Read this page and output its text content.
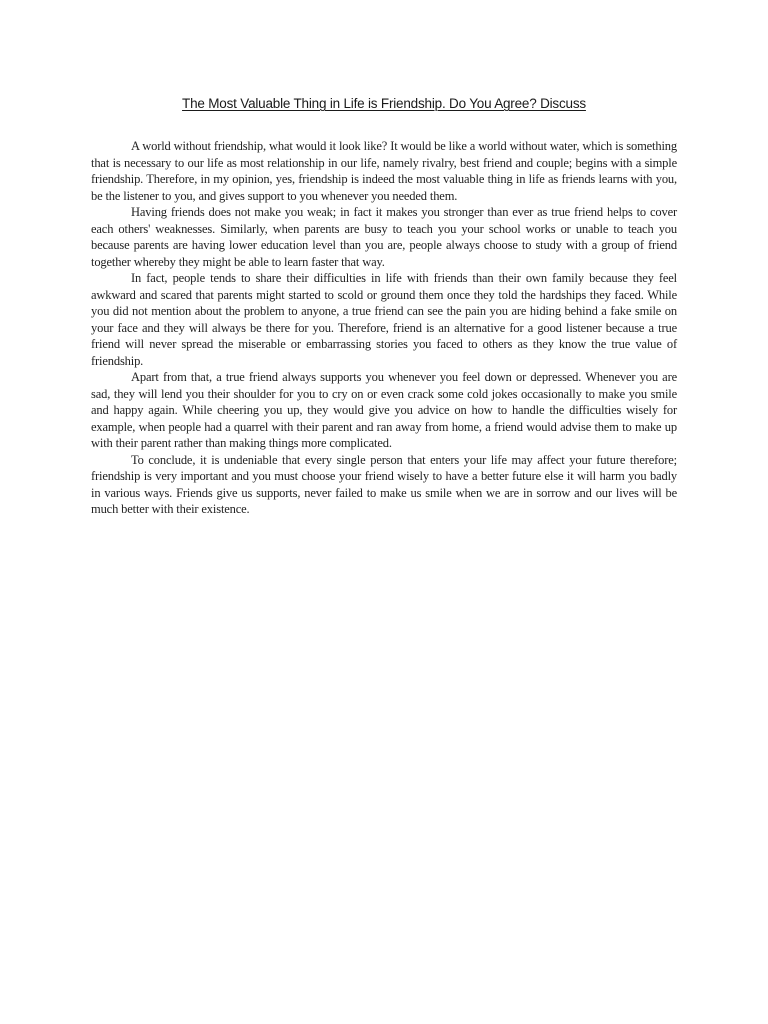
The Most Valuable Thing in Life is Friendship. Do You Agree? Discuss

A world without friendship, what would it look like? It would be like a world without water, which is something that is necessary to our life as most relationship in our life, namely rivalry, best friend and couple; begins with a simple friendship. Therefore, in my opinion, yes, friendship is indeed the most valuable thing in life as friends learns with you, be the listener to you, and gives support to you whenever you needed them.

Having friends does not make you weak; in fact it makes you stronger than ever as true friend helps to cover each others' weaknesses. Similarly, when parents are busy to teach you your school works or unable to teach you because parents are having lower education level than you are, people always choose to study with a group of friend together whereby they might be able to learn faster that way.

In fact, people tends to share their difficulties in life with friends than their own family because they feel awkward and scared that parents might started to scold or ground them once they told the hardships they faced. While you did not mention about the problem to anyone, a true friend can see the pain you are hiding behind a fake smile on your face and they will always be there for you. Therefore, friend is an alternative for a good listener because a true friend will never spread the miserable or embarrassing stories you faced to others as they know the true value of friendship.

Apart from that, a true friend always supports you whenever you feel down or depressed. Whenever you are sad, they will lend you their shoulder for you to cry on or even crack some cold jokes occasionally to make you smile and happy again. While cheering you up, they would give you advice on how to handle the difficulties wisely for example, when people had a quarrel with their parent and ran away from home, a friend would advise them to make up with their parent rather than making things more complicated.

To conclude, it is undeniable that every single person that enters your life may affect your future therefore; friendship is very important and you must choose your friend wisely to have a better future else it will harm you badly in various ways. Friends give us supports, never failed to make us smile when we are in sorrow and our lives will be much better with their existence.
